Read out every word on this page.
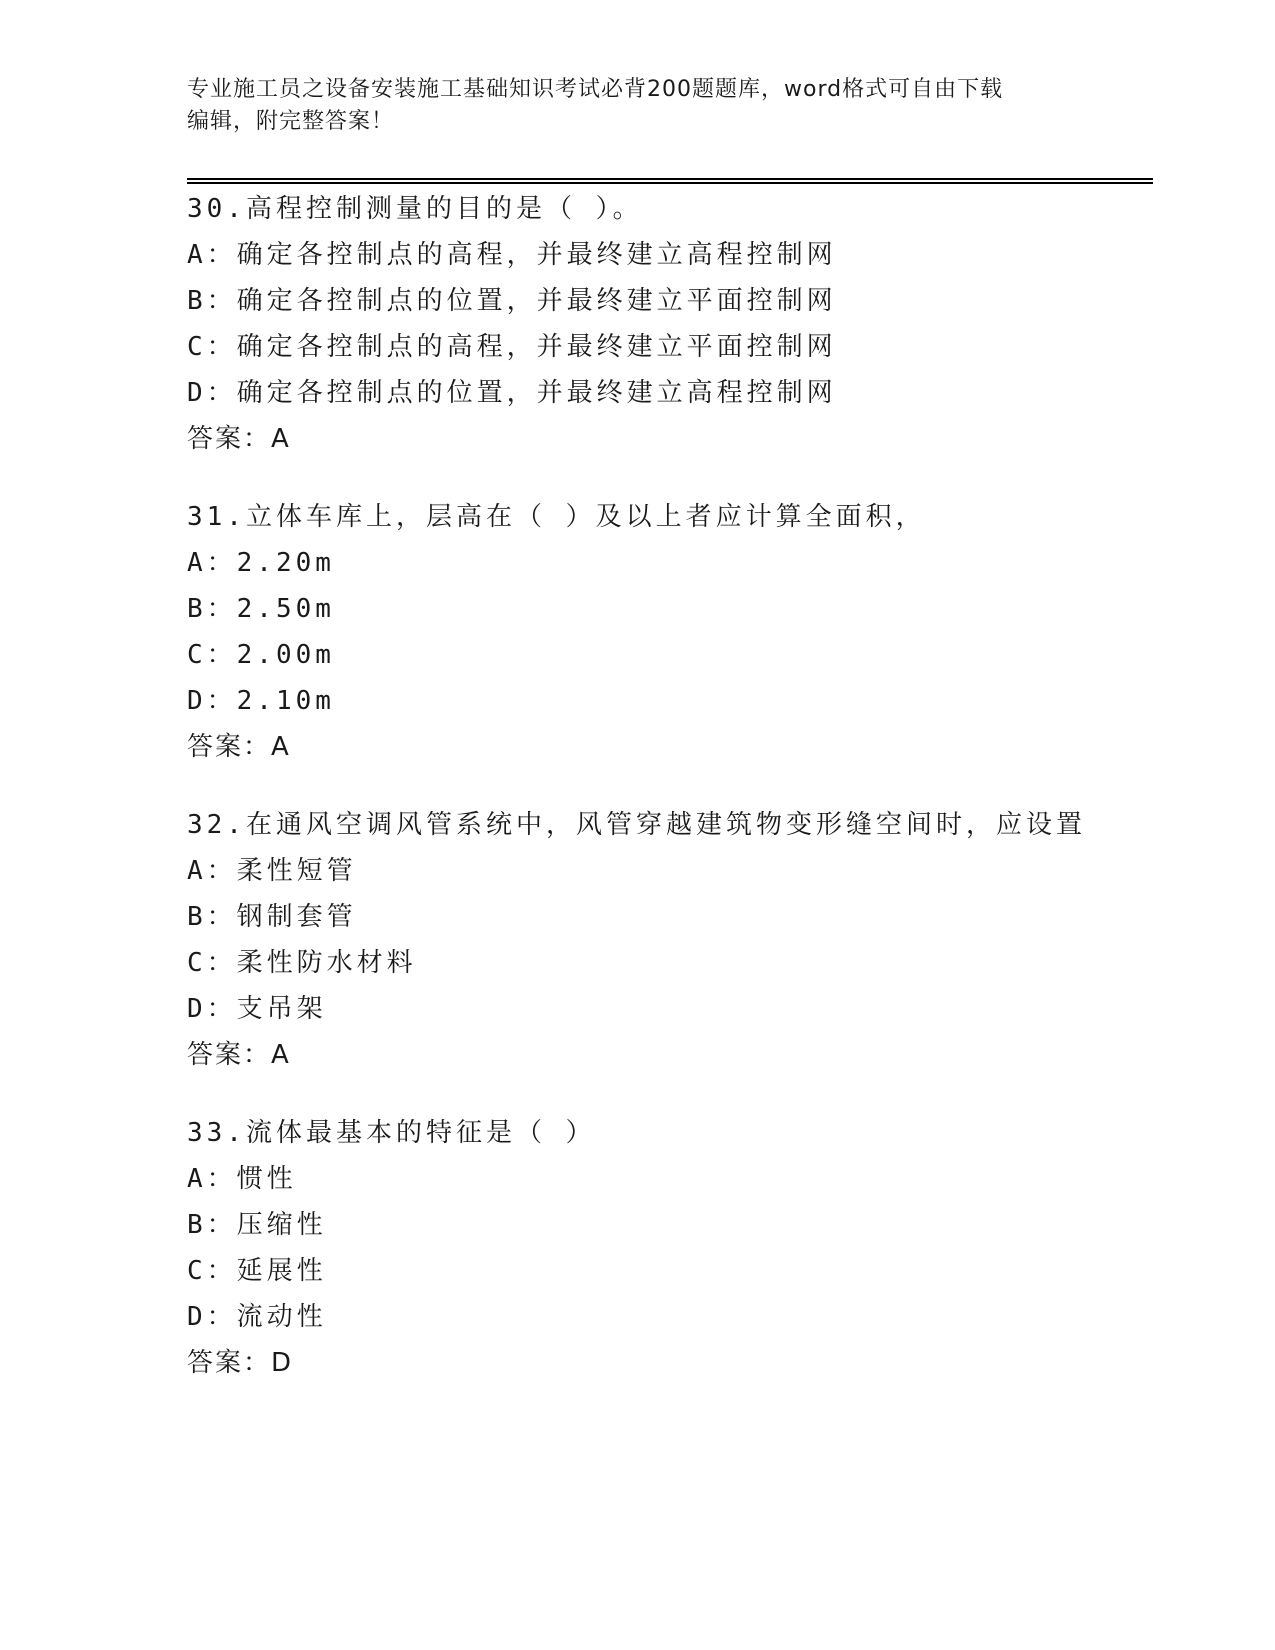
专业施工员之设备安装施工基础知识考试必背200题题库，word格式可自由下载
编辑，附完整答案！
30.高程控制测量的目的是（ ）。
A：确定各控制点的高程，并最终建立高程控制网
B：确定各控制点的位置，并最终建立平面控制网
C：确定各控制点的高程，并最终建立平面控制网
D：确定各控制点的位置，并最终建立高程控制网
答案：A
31.立体车库上，层高在（ ）及以上者应计算全面积，
A：2.20m
B：2.50m
C：2.00m
D：2.10m
答案：A
32.在通风空调风管系统中，风管穿越建筑物变形缝空间时，应设置
A：柔性短管
B：钢制套管
C：柔性防水材料
D：支吊架
答案：A
33.流体最基本的特征是（ ）
A：惯性
B：压缩性
C：延展性
D：流动性
答案：D
